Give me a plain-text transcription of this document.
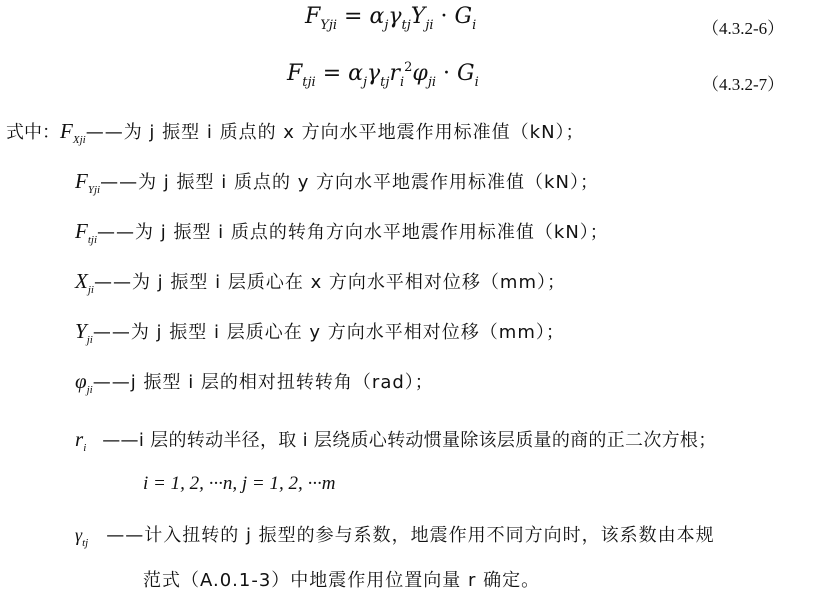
$F_{Yji} = \alpha_j\gamma_{tj}Y_{ji} \cdot G_i$	（4.3.2-6）
$F_{tji} = \alpha_j\gamma_{tj}r_i^2\varphi_{ji} \cdot G_i$	（4.3.2-7）
式中：$F_{Xji}——$为 j 振型 i 质点的 x 方向水平地震作用标准值（kN）；
$F_{Yji}——$为 j 振型 i 质点的 y 方向水平地震作用标准值（kN）；
$F_{tji}——$为 j 振型 i 质点的转角方向水平地震作用标准值（kN）；
$X_{ji}——$为 j 振型 i 层质心在 x 方向水平相对位移（mm）；
$Y_{ji}——$为 j 振型 i 层质心在 y 方向水平相对位移（mm）；
$\varphi_{ji}——j$ 振型 i 层的相对扭转转角（rad）；
$r_i$ ——i 层的转动半径，取 i 层绕质心转动惯量除该层质量的商的正二次方根；
i = 1, 2, ···n, j = 1, 2, ···m
$\gamma_{tj}$ ——计入扭转的 j 振型的参与系数，地震作用不同方向时，该系数由本规
范式（A.0.1-3）中地震作用位置向量 r 确定。
